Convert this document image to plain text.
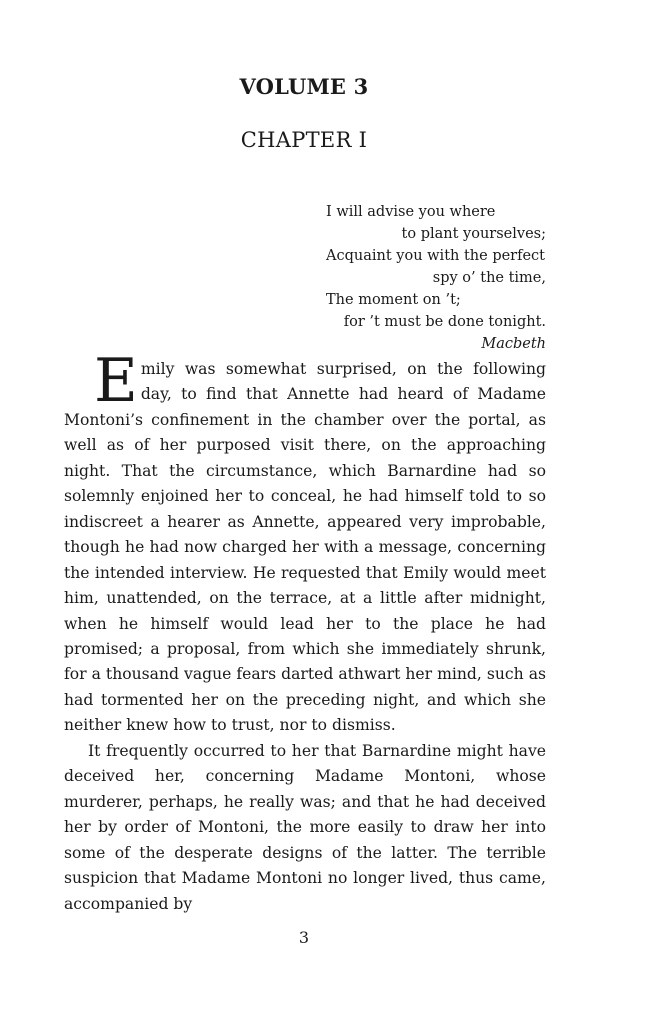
VOLUME 3
CHAPTER I
I will advise you where
to plant yourselves;
Acquaint you with the perfect
spy o’ the time,
The moment on ’t;
for ’t must be done tonight.
Macbeth

Emily was somewhat surprised, on the following day, to find that Annette had heard of Madame Montoni’s confinement in the chamber over the portal, as well as of her purposed visit there, on the approaching night. That the circumstance, which Barnardine had so solemnly enjoined her to conceal, he had himself told to so indiscreet a hearer as Annette, appeared very improbable, though he had now charged her with a message, concerning the intended interview. He requested that Emily would meet him, unattended, on the terrace, at a little after midnight, when he himself would lead her to the place he had promised; a proposal, from which she immediately shrunk, for a thousand vague fears darted athwart her mind, such as had tormented her on the preceding night, and which she neither knew how to trust, nor to dismiss.

It frequently occurred to her that Barnardine might have deceived her, concerning Madame Montoni, whose murderer, perhaps, he really was; and that he had deceived her by order of Montoni, the more easily to draw her into some of the desperate designs of the latter. The terrible suspicion that Madame Montoni no longer lived, thus came, accompanied by

3
